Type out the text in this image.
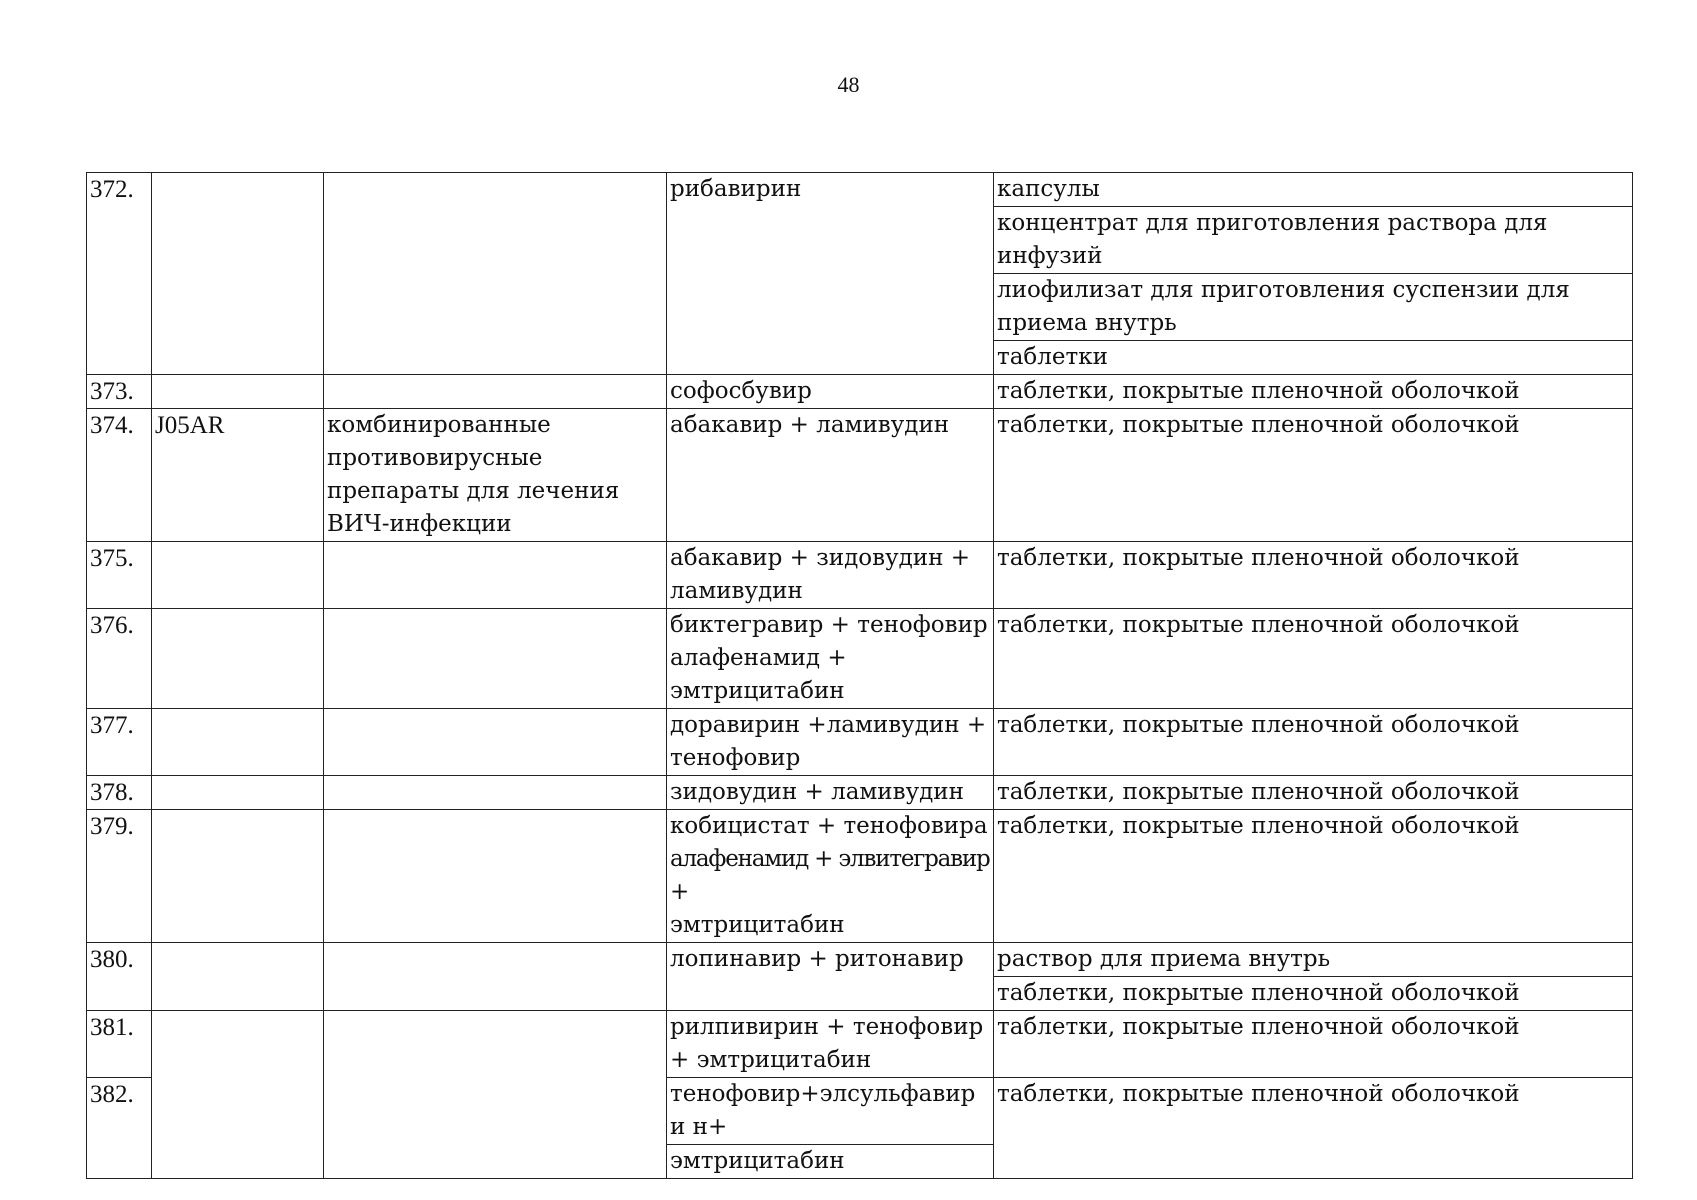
48
372.			рибавирин	капсулы
				концентрат для приготовления раствора для инфузий
				лиофилизат для приготовления суспензии для приема внутрь
				таблетки
373.			софосбувир	таблетки, покрытые пленочной оболочкой
374.	J05AR	комбинированные противовирусные препараты для лечения ВИЧ-инфекции	абакавир + ламивудин	таблетки, покрытые пленочной оболочкой
375.			абакавир + зидовудин + ламивудин	таблетки, покрытые пленочной оболочкой
376.			биктегравир + тенофовир алафенамид + эмтрицитабин	таблетки, покрытые пленочной оболочкой
377.			доравирин +ламивудин + тенофовир	таблетки, покрытые пленочной оболочкой
378.			зидовудин + ламивудин	таблетки, покрытые пленочной оболочкой
379.			кобицистат + тенофовира
алафенамид + элвитегравир +
эмтрицитабин	таблетки, покрытые пленочной оболочкой
380.			лопинавир + ритонавир	раствор для приема внутрь
				таблетки, покрытые пленочной оболочкой
381.			рилпивирин + тенофовир + эмтрицитабин	таблетки, покрытые пленочной оболочкой
382.			тенофовир+элсульфавири н+	таблетки, покрытые пленочной оболочкой
			эмтрицитабин	
